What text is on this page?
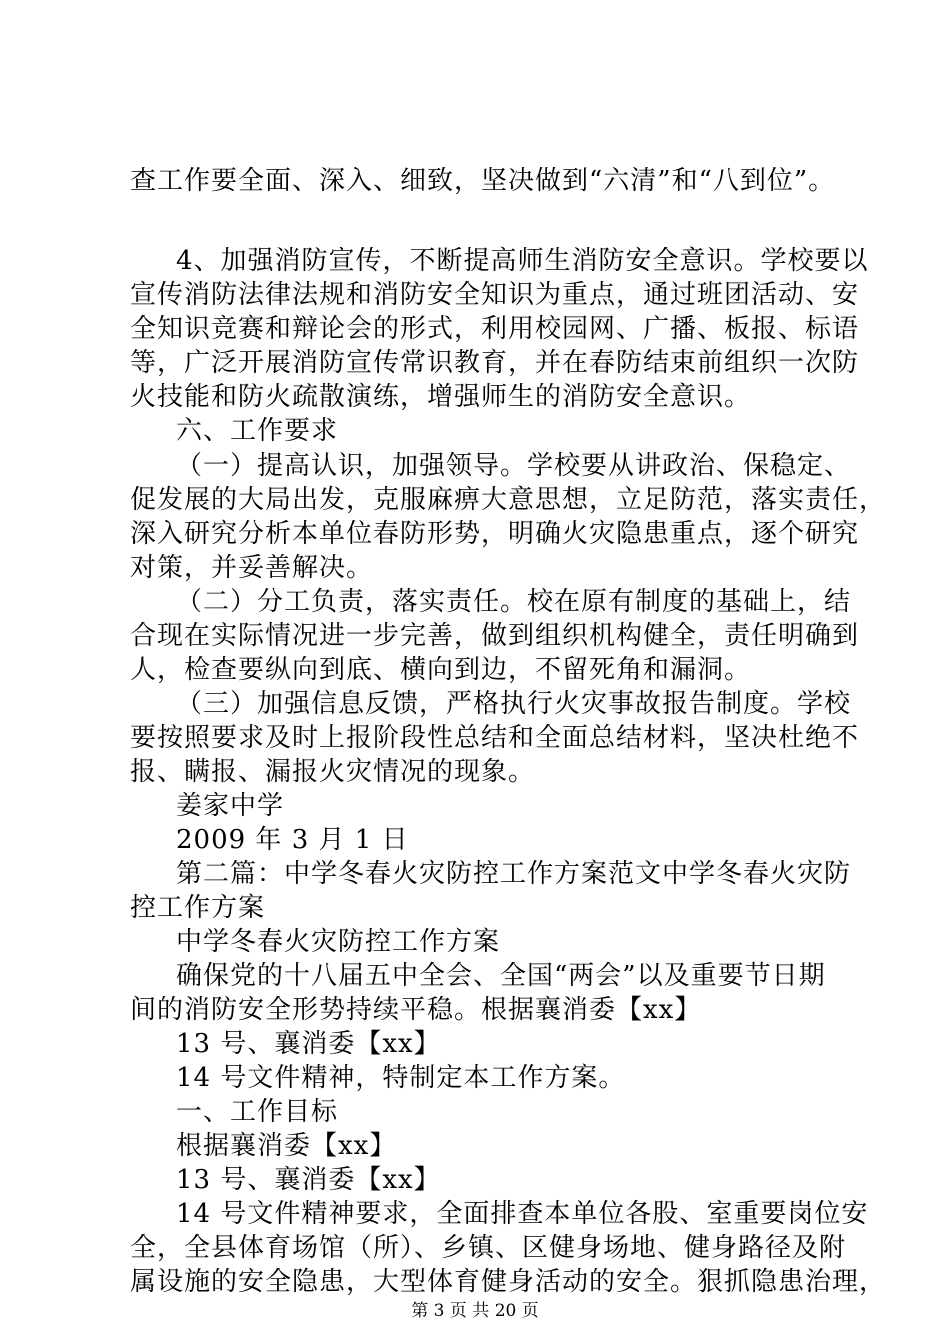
查工作要全面、深入、细致，坚决做到“六清”和“八到位”。
4、加强消防宣传，不断提高师生消防安全意识。学校要以
宣传消防法律法规和消防安全知识为重点，通过班团活动、安
全知识竞赛和辩论会的形式，利用校园网、广播、板报、标语
等，广泛开展消防宣传常识教育，并在春防结束前组织一次防
火技能和防火疏散演练，增强师生的消防安全意识。
六、工作要求
（一）提高认识，加强领导。学校要从讲政治、保稳定、
促发展的大局出发，克服麻痹大意思想，立足防范，落实责任，
深入研究分析本单位春防形势，明确火灾隐患重点，逐个研究
对策，并妥善解决。
（二）分工负责，落实责任。校在原有制度的基础上，结
合现在实际情况进一步完善，做到组织机构健全，责任明确到
人，检查要纵向到底、横向到边，不留死角和漏洞。
（三）加强信息反馈，严格执行火灾事故报告制度。学校
要按照要求及时上报阶段性总结和全面总结材料，坚决杜绝不
报、瞒报、漏报火灾情况的现象。
姜家中学
2009 年 3 月 1 日
第二篇：中学冬春火灾防控工作方案范文中学冬春火灾防
控工作方案
中学冬春火灾防控工作方案
确保党的十八届五中全会、全国“两会”以及重要节日期
间的消防安全形势持续平稳。根据襄消委【xx】
13 号、襄消委【xx】
14 号文件精神，特制定本工作方案。
一、工作目标
根据襄消委【xx】
13 号、襄消委【xx】
14 号文件精神要求，全面排查本单位各股、室重要岗位安
全，全县体育场馆（所）、乡镇、区健身场地、健身路径及附
属设施的安全隐患，大型体育健身活动的安全。狠抓隐患治理，
第 3 页 共 20 页
